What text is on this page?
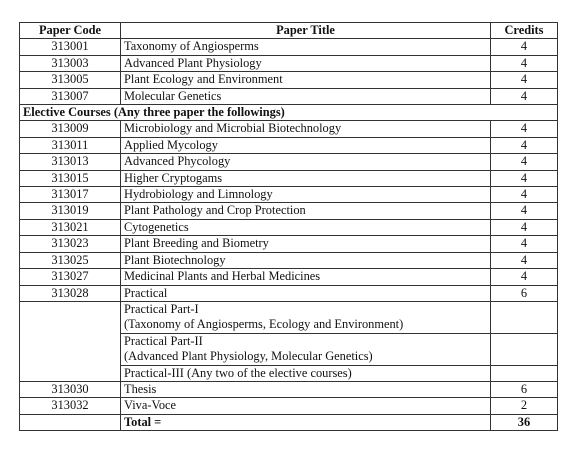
Paper Code	Paper Title	Credits
313001	Taxonomy of Angiosperms	4
313003	Advanced Plant Physiology	4
313005	Plant Ecology and Environment	4
313007	Molecular Genetics	4
Elective Courses (Any three paper the followings)		
313009	Microbiology and Microbial Biotechnology	4
313011	Applied Mycology	4
313013	Advanced Phycology	4
313015	Higher Cryptogams	4
313017	Hydrobiology and Limnology	4
313019	Plant Pathology and Crop Protection	4
313021	Cytogenetics	4
313023	Plant Breeding and Biometry	4
313025	Plant Biotechnology	4
313027	Medicinal Plants and Herbal Medicines	4
313028	Practical	6

	Practical Part-I
(Taxonomy of Angiosperms, Ecology and Environment)	

	Practical Part-II
(Advanced Plant Physiology, Molecular Genetics)	

	Practical-III (Any two of the elective courses)	
313030	Thesis	6
313032	Viva-Voce	2
	Total =	36
